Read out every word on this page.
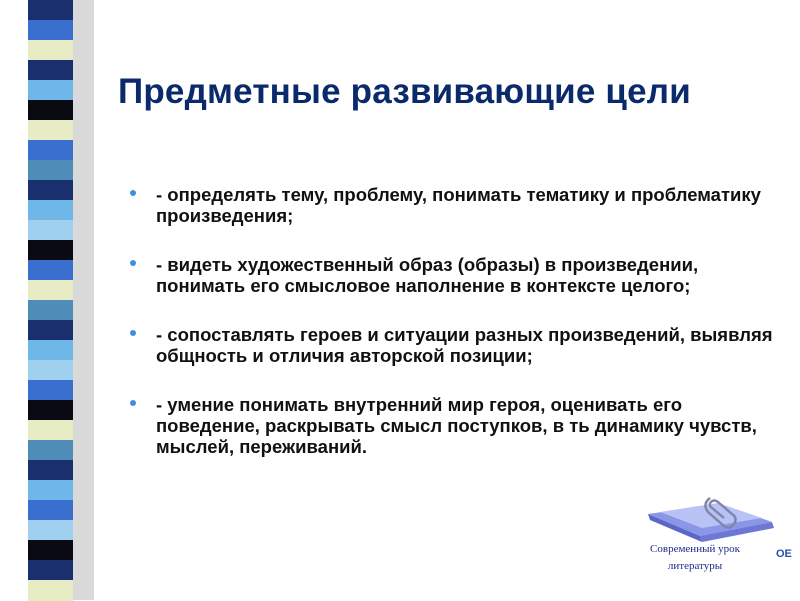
Предметные развивающие цели
- определять тему, проблему, понимать тематику и проблематику произведения;
- видеть художественный образ (образы) в произведении, понимать его смысловое наполнение в контексте целого;
- сопоставлять героев и ситуации разных произведений, выявляя общность и отличия авторской позиции;
- умение понимать внутренний мир героя, оценивать его поведение, раскрывать смысл поступков, в ть динамику чувств, мыслей, переживаний.
Современный урок
литературы
OE
